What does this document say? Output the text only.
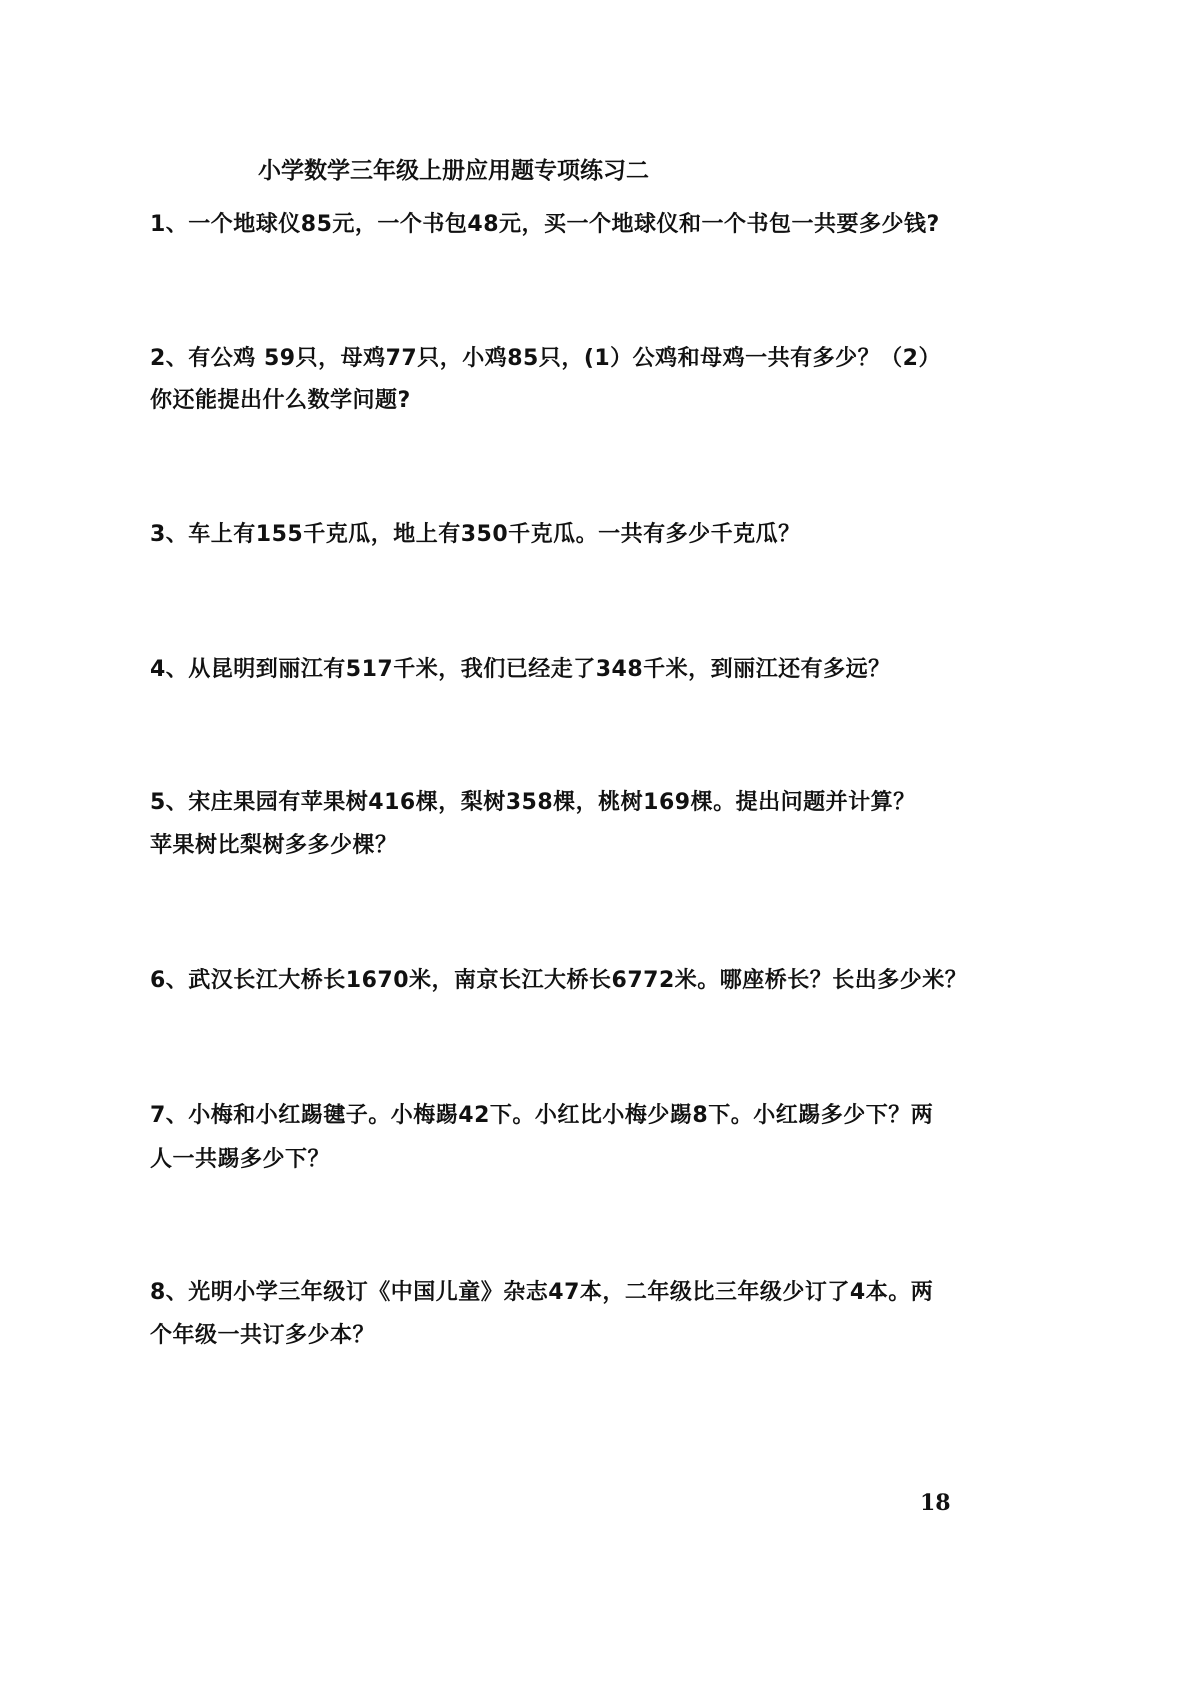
小学数学三年级上册应用题专项练习二
1、一个地球仪85元，一个书包48元，买一个地球仪和一个书包一共要多少钱?
2、有公鸡 59只，母鸡77只，小鸡85只，(1）公鸡和母鸡一共有多少？（2）
你还能提出什么数学问题?
3、车上有155千克瓜，地上有350千克瓜。一共有多少千克瓜？
4、从昆明到丽江有517千米，我们已经走了348千米，到丽江还有多远？
5、宋庄果园有苹果树416棵，梨树358棵，桃树169棵。提出问题并计算？
苹果树比梨树多多少棵？
6、武汉长江大桥长1670米，南京长江大桥长6772米。哪座桥长？长出多少米？
7、小梅和小红踢毽子。小梅踢42下。小红比小梅少踢8下。小红踢多少下？两
人一共踢多少下？
8、光明小学三年级订《中国儿童》杂志47本，二年级比三年级少订了4本。两
个年级一共订多少本？
18
